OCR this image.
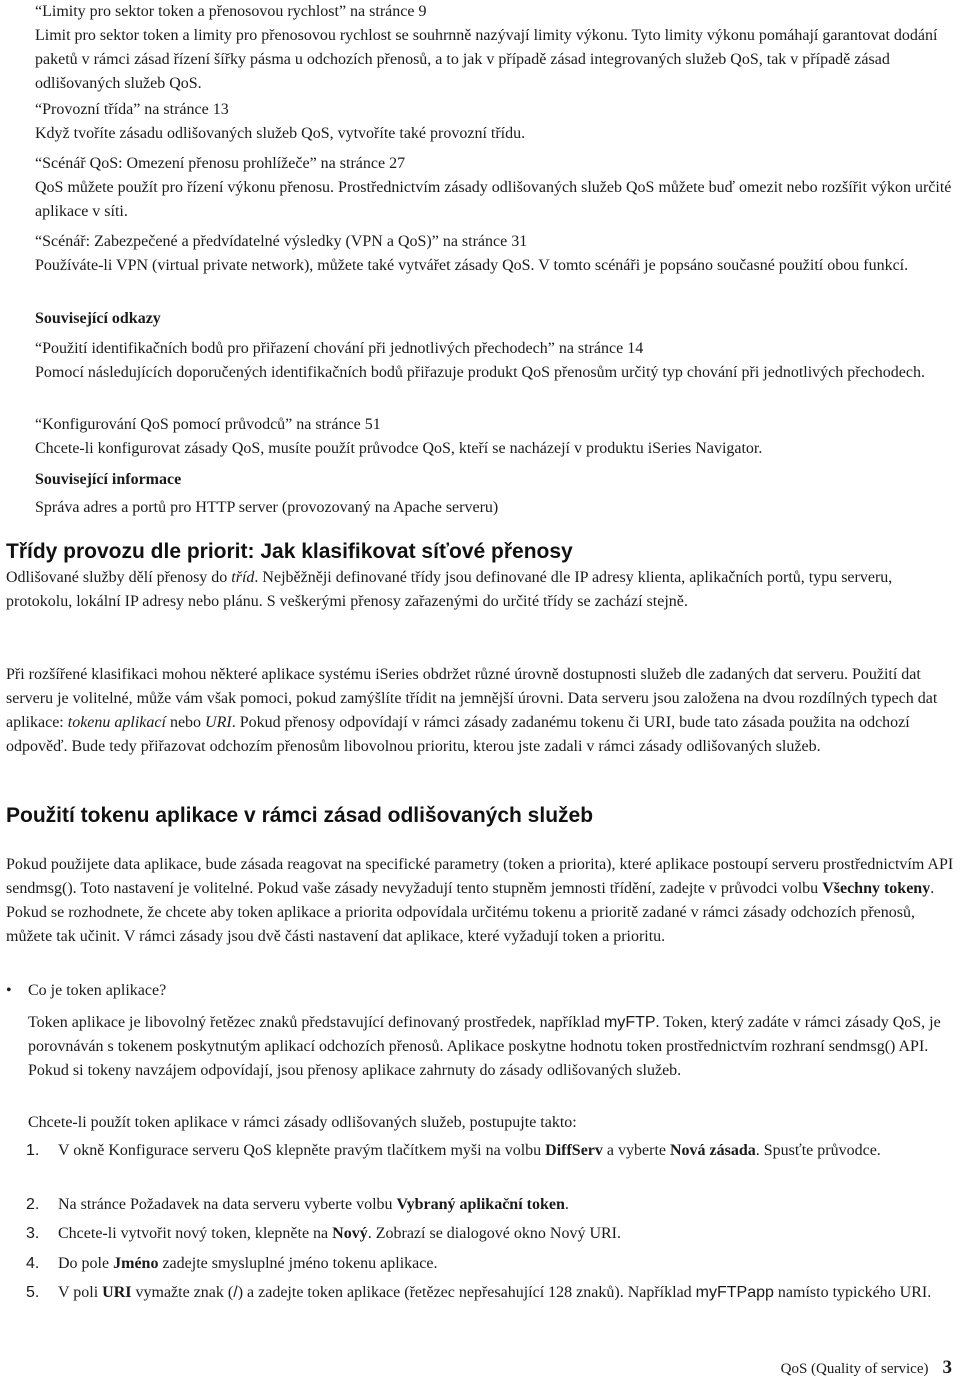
“Limity pro sektor token a přenosovou rychlost” na stránce 9
Limit pro sektor token a limity pro přenosovou rychlost se souhrnně nazývají limity výkonu. Tyto limity výkonu pomáhají garantovat dodání paketů v rámci zásad řízení šířky pásma u odchozích přenosů, a to jak v případě zásad integrovaných služeb QoS, tak v případě zásad odlišovaných služeb QoS.
“Provozní třída” na stránce 13
Když tvoříte zásadu odlišovaných služeb QoS, vytvoříte také provozní třídu.
“Scénář QoS: Omezení přenosu prohlížeče” na stránce 27
QoS můžete použít pro řízení výkonu přenosu. Prostřednictvím zásady odlišovaných služeb QoS můžete buď omezit nebo rozšířit výkon určité aplikace v síti.
“Scénář: Zabezpečené a předvídatelné výsledky (VPN a QoS)” na stránce 31
Používáte-li VPN (virtual private network), můžete také vytvářet zásady QoS. V tomto scénáři je popsáno současné použití obou funkcí.
Související odkazy
“Použití identifikačních bodů pro přiřazení chování při jednotlivých přechodech” na stránce 14
Pomocí následujících doporučených identifikačních bodů přiřazuje produkt QoS přenosům určitý typ chování při jednotlivých přechodech.
“Konfigurování QoS pomocí průvodců” na stránce 51
Chcete-li konfigurovat zásady QoS, musíte použít průvodce QoS, kteří se nacházejí v produktu iSeries Navigator.
Související informace
Správa adres a portů pro HTTP server (provozovaný na Apache serveru)
Třídy provozu dle priorit: Jak klasifikovat síťové přenosy

Odlišované služby dělí přenosy do tříd. Nejběžněji definované třídy jsou definované dle IP adresy klienta, aplikačních portů, typu serveru, protokolu, lokální IP adresy nebo plánu. S veškerými přenosy zařazenými do určité třídy se zachází stejně.

Při rozšířené klasifikaci mohou některé aplikace systému iSeries obdržet různé úrovně dostupnosti služeb dle zadaných dat serveru. Použití dat serveru je volitelné, může vám však pomoci, pokud zamýšlíte třídit na jemnější úrovni. Data serveru jsou založena na dvou rozdílných typech dat aplikace: tokenu aplikací nebo URI. Pokud přenosy odpovídají v rámci zásady zadanému tokenu či URI, bude tato zásada použita na odchozí odpověď. Bude tedy přiřazovat odchozím přenosům libovolnou prioritu, kterou jste zadali v rámci zásady odlišovaných služeb.

Použití tokenu aplikace v rámci zásad odlišovaných služeb

Pokud použijete data aplikace, bude zásada reagovat na specifické parametry (token a priorita), které aplikace postoupí serveru prostřednictvím API sendmsg(). Toto nastavení je volitelné. Pokud vaše zásady nevyžadují tento stupněm jemnosti třídění, zadejte v průvodci volbu Všechny tokeny. Pokud se rozhodnete, že chcete aby token aplikace a priorita odpovídala určitému tokenu a prioritě zadané v rámci zásady odchozích přenosů, můžete tak učinit. V rámci zásady jsou dvě části nastavení dat aplikace, které vyžadují token a prioritu.

• Co je token aplikace?

Token aplikace je libovolný řetězec znaků představující definovaný prostředek, například myFTP. Token, který zadáte v rámci zásady QoS, je porovnáván s tokenem poskytnutým aplikací odchozích přenosů. Aplikace poskytne hodnotu token prostřednictvím rozhraní sendmsg() API. Pokud si tokeny navzájem odpovídají, jsou přenosy aplikace zahrnuty do zásady odlišovaných služeb.

Chcete-li použít token aplikace v rámci zásady odlišovaných služeb, postupujte takto:

1. V okně Konfigurace serveru QoS klepněte pravým tlačítkem myši na volbu DiffServ a vyberte Nová zásada. Spusťte průvodce.

2. Na stránce Požadavek na data serveru vyberte volbu Vybraný aplikační token.

3. Chcete-li vytvořit nový token, klepněte na Nový. Zobrazí se dialogové okno Nový URI.

4. Do pole Jméno zadejte smysluplné jméno tokenu aplikace.

5. V poli URI vymažte znak (/) a zadejte token aplikace (řetězec nepřesahující 128 znaků). Například myFTPapp namísto typického URI.

QoS (Quality of service) 3
